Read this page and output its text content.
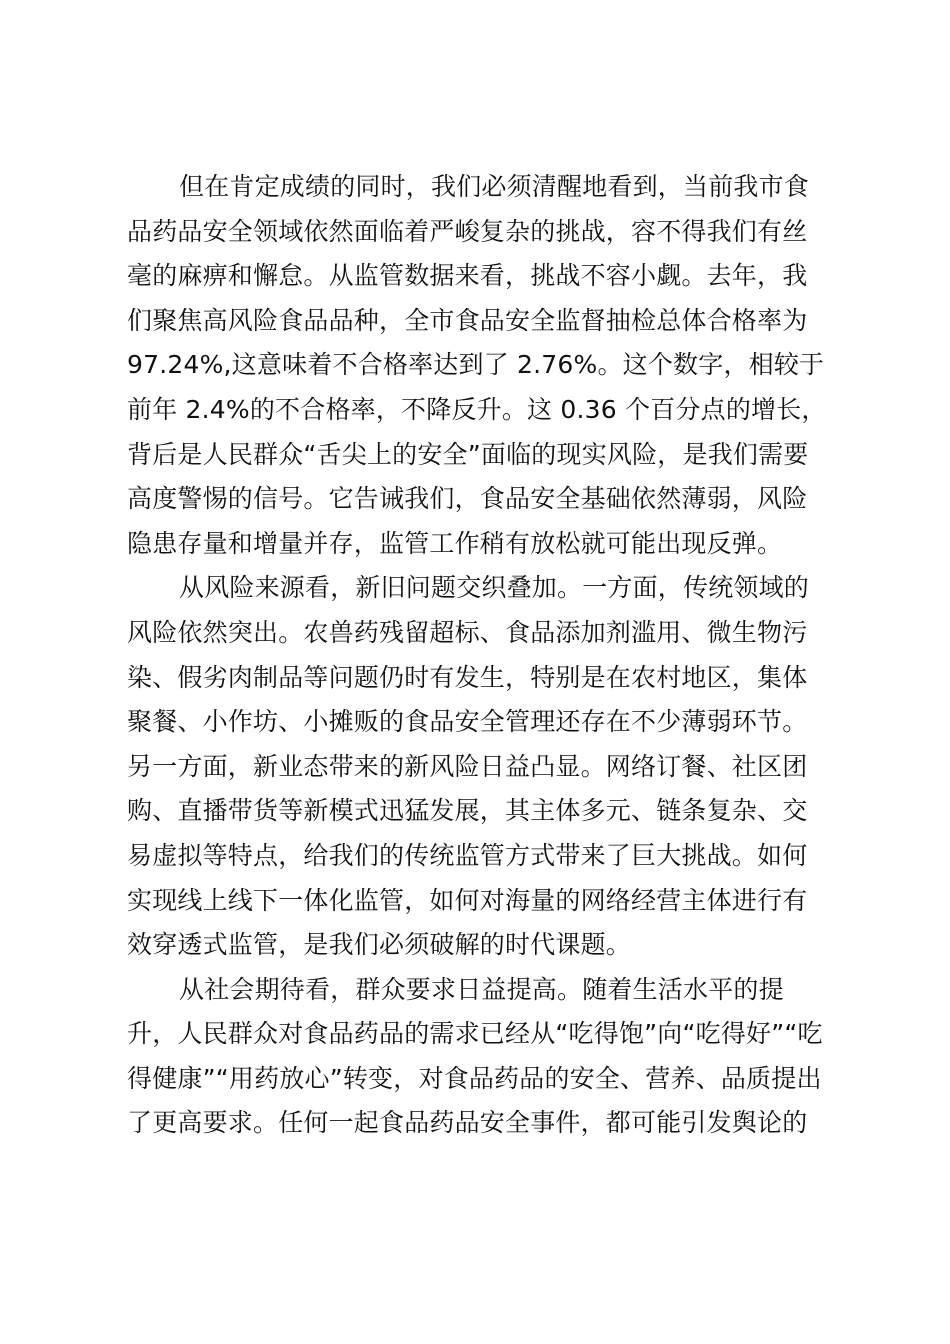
但在肯定成绩的同时，我们必须清醒地看到，当前我市食
品药品安全领域依然面临着严峻复杂的挑战，容不得我们有丝
毫的麻痹和懈怠。从监管数据来看，挑战不容小觑。去年，我
们聚焦高风险食品品种，全市食品安全监督抽检总体合格率为
97.24%,这意味着不合格率达到了 2.76%。这个数字，相较于
前年 2.4%的不合格率，不降反升。这 0.36 个百分点的增长，
背后是人民群众“舌尖上的安全”面临的现实风险，是我们需要
高度警惕的信号。它告诫我们，食品安全基础依然薄弱，风险
隐患存量和增量并存，监管工作稍有放松就可能出现反弹。
从风险来源看，新旧问题交织叠加。一方面，传统领域的
风险依然突出。农兽药残留超标、食品添加剂滥用、微生物污
染、假劣肉制品等问题仍时有发生，特别是在农村地区，集体
聚餐、小作坊、小摊贩的食品安全管理还存在不少薄弱环节。
另一方面，新业态带来的新风险日益凸显。网络订餐、社区团
购、直播带货等新模式迅猛发展，其主体多元、链条复杂、交
易虚拟等特点，给我们的传统监管方式带来了巨大挑战。如何
实现线上线下一体化监管，如何对海量的网络经营主体进行有
效穿透式监管，是我们必须破解的时代课题。
从社会期待看，群众要求日益提高。随着生活水平的提
升，人民群众对食品药品的需求已经从“吃得饱”向“吃得好”“吃
得健康”“用药放心”转变，对食品药品的安全、营养、品质提出
了更高要求。任何一起食品药品安全事件，都可能引发舆论的
